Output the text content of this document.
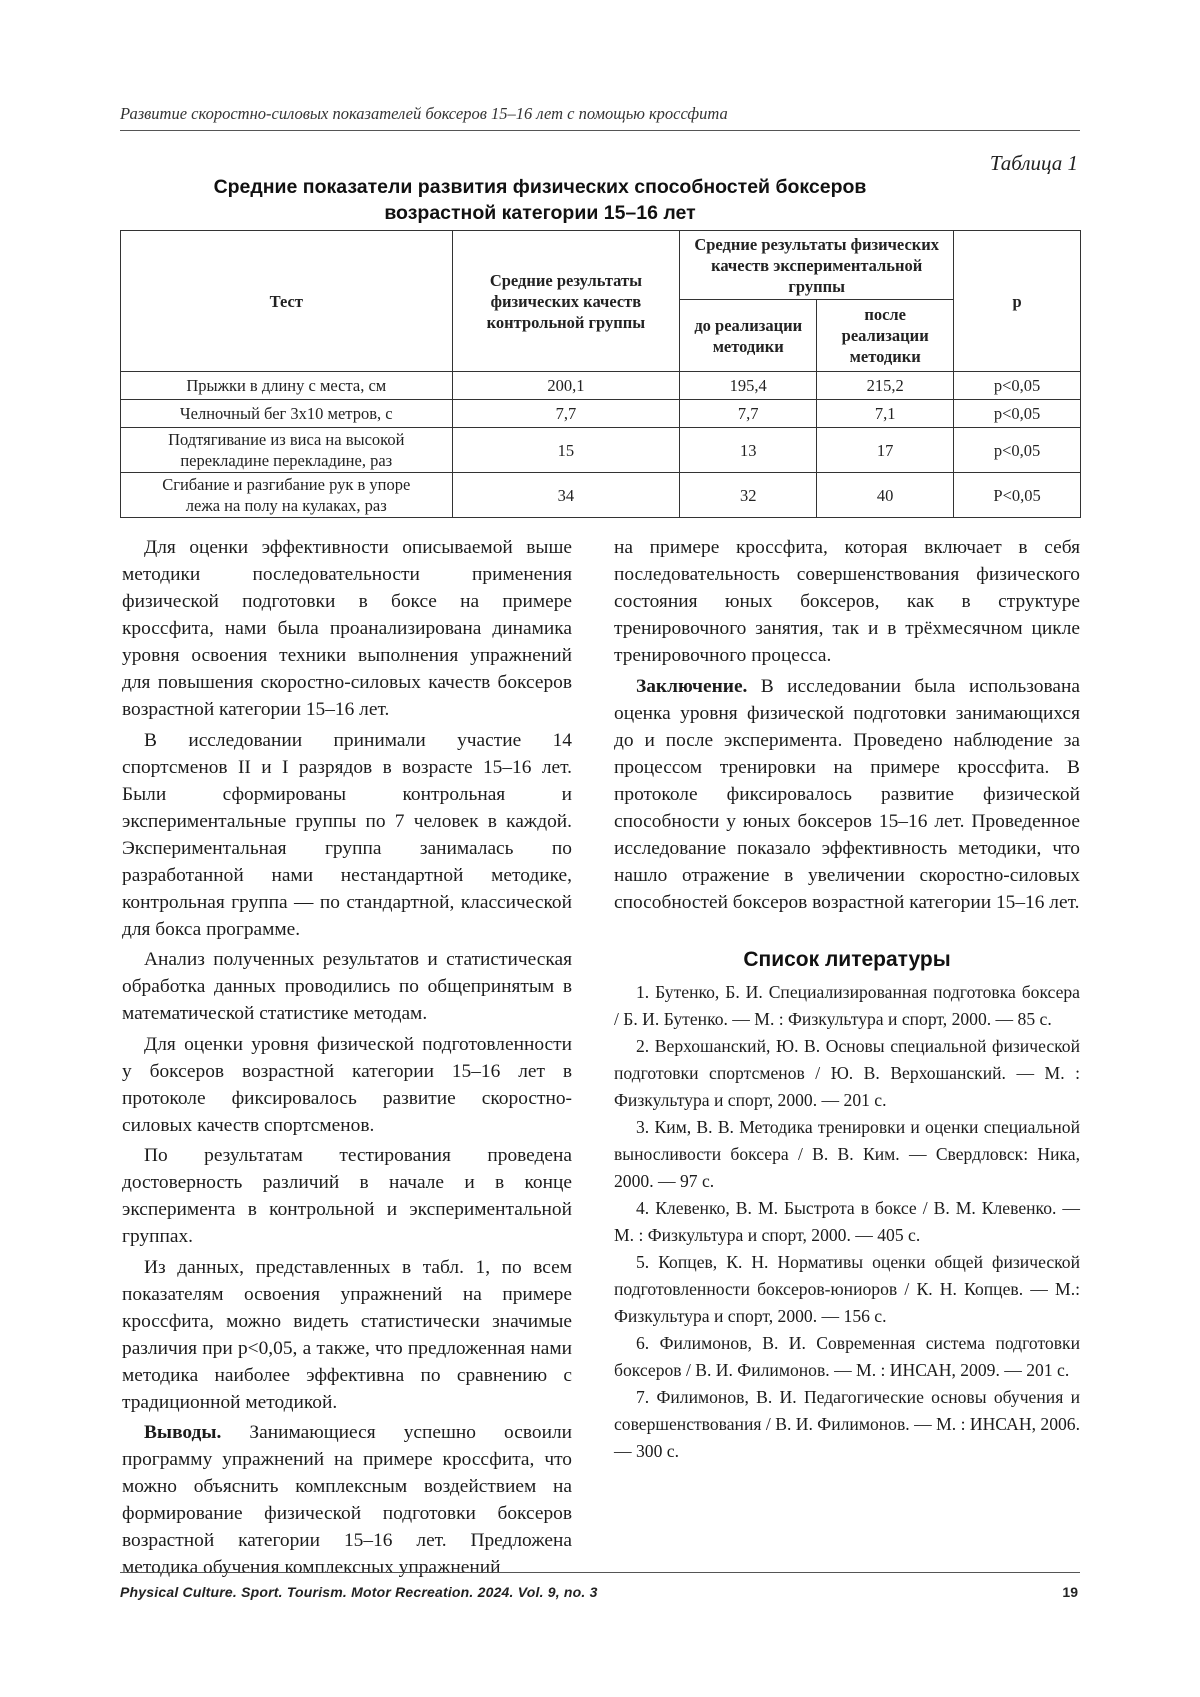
Развитие скоростно-силовых показателей боксеров 15–16 лет с помощью кроссфита
Таблица 1
Средние показатели развития физических способностей боксеров
возрастной категории 15–16 лет
Тест	Средние результаты физических качеств контрольной группы	Средние результаты физических качеств экспериментальной группы		p
		до реализации методики	после реализации методики	
Прыжки в длину с места, см	200,1	195,4	215,2	p<0,05
Челночный бег 3х10 метров, с	7,7	7,7	7,1	p<0,05
Подтягивание из виса на высокой перекладине перекладине, раз	15	13	17	p<0,05
Сгибание и разгибание рук в упоре лежа на полу на кулаках, раз	34	32	40	P<0,05

Для оценки эффективности описываемой выше методики последовательности применения физической подготовки в боксе на примере кроссфита, нами была проанализирована динамика уровня освоения техники выполнения упражнений для повышения скоростно-силовых качеств боксеров возрастной категории 15–16 лет.

В исследовании принимали участие 14 спортсменов II и I разрядов в возрасте 15–16 лет. Были сформированы контрольная и экспериментальные группы по 7 человек в каждой. Экспериментальная группа занималась по разработанной нами нестандартной методике, контрольная группа — по стандартной, классической для бокса программе.

Анализ полученных результатов и статистическая обработка данных проводились по общепринятым в математической статистике методам.

Для оценки уровня физической подготовленности у боксеров возрастной категории 15–16 лет в протоколе фиксировалось развитие скоростно-силовых качеств спортсменов.

По результатам тестирования проведена достоверность различий в начале и в конце эксперимента в контрольной и экспериментальной группах.

Из данных, представленных в табл. 1, по всем показателям освоения упражнений на примере кроссфита, можно видеть статистически значимые различия при p<0,05, а также, что предложенная нами методика наиболее эффективна по сравнению с традиционной методикой.

Выводы. Занимающиеся успешно освоили программу упражнений на примере кроссфита, что можно объяснить комплексным воздействием на формирование физической подготовки боксеров возрастной категории 15–16 лет. Предложена методика обучения комплексных упражнений

на примере кроссфита, которая включает в себя последовательность совершенствования физического состояния юных боксеров, как в структуре тренировочного занятия, так и в трёхмесячном цикле тренировочного процесса.

Заключение. В исследовании была использована оценка уровня физической подготовки занимающихся до и после эксперимента. Проведено наблюдение за процессом тренировки на примере кроссфита. В протоколе фиксировалось развитие физической способности у юных боксеров 15–16 лет. Проведенное исследование показало эффективность методики, что нашло отражение в увеличении скоростно-силовых способностей боксеров возрастной категории 15–16 лет.

Список литературы
1. Бутенко, Б. И. Специализированная подготовка боксера / Б. И. Бутенко. — М. : Физкультура и спорт, 2000. — 85 с.
2. Верхошанский, Ю. В. Основы специальной физической подготовки спортсменов / Ю. В. Верхошанский. — М. : Физкультура и спорт, 2000. — 201 с.
3. Ким, В. В. Методика тренировки и оценки специальной выносливости боксера / В. В. Ким. — Свердловск: Ника, 2000. — 97 с.
4. Клевенко, В. М. Быстрота в боксе / В. М. Клевенко. — М. : Физкультура и спорт, 2000. — 405 с.
5. Копцев, К. Н. Нормативы оценки общей физической подготовленности боксеров-юниоров / К. Н. Копцев. — М.: Физкультура и спорт, 2000. — 156 с.
6. Филимонов, В. И. Современная система подготовки боксеров / В. И. Филимонов. — М. : ИНСАН, 2009. — 201 с.
7. Филимонов, В. И. Педагогические основы обучения и совершенствования / В. И. Филимонов. — М. : ИНСАН, 2006. — 300 с.
Physical Culture. Sport. Tourism. Motor Recreation. 2024. Vol. 9, no. 3	19
